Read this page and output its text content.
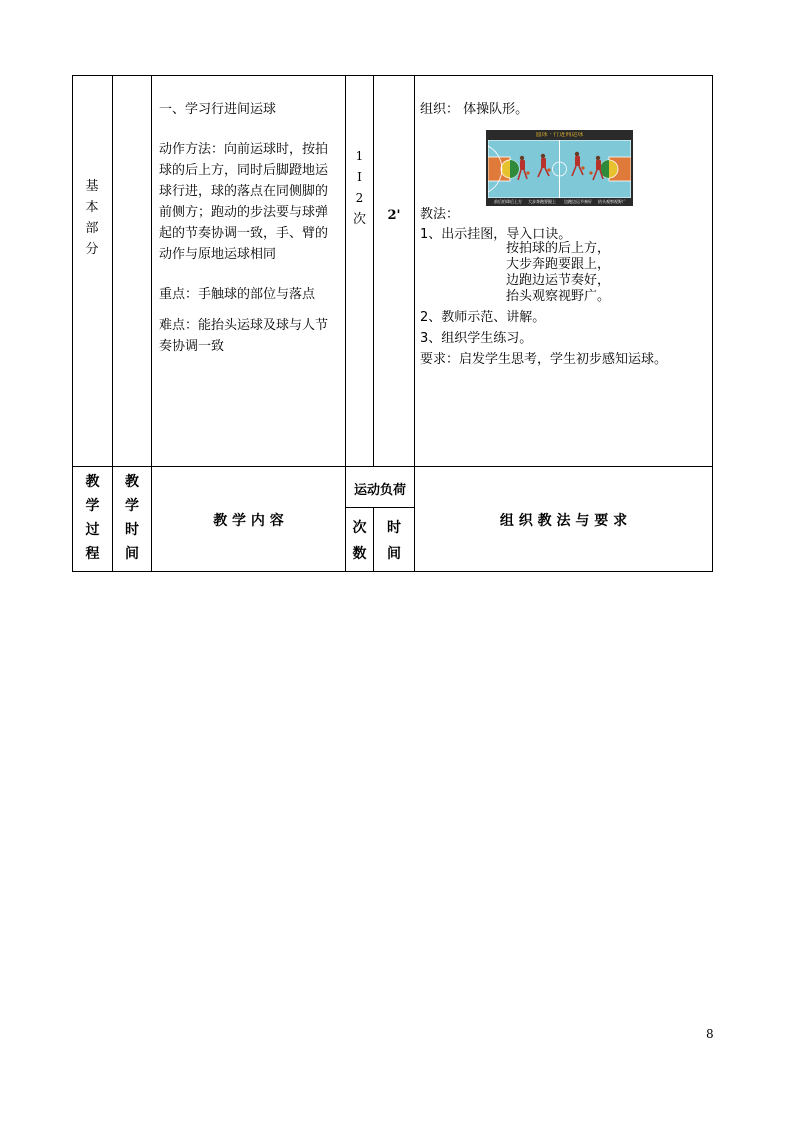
基
本
部
分
一、学习行进间运球
动作方法：向前运球时，按拍球的后上方，同时后脚蹬地运球行进，球的落点在同侧脚的前侧方；跑动的步法要与球弹起的节奏协调一致，手、臂的动作与原地运球相同
重点：手触球的部位与落点
难点：能抬头运球及球与人节奏协调一致
1
I
2
次	2'
组织： 体操队形。
篮球 · 行进间运球
前后拍球后上方 大步奔跑要跟上 边跑边运节奏好 抬头观察视野广
教法：
1、出示挂图，导入口诀。
按拍球的后上方，
大步奔跑要跟上，
边跑边运节奏好，
抬头观察视野广。
2、教师示范、讲解。
3、组织学生练习。
要求：启发学生思考，学生初步感知运球。
教
学
过
程
教
学
时
间
教 学 内 容
运动负荷
次
数
时
间
组 织 教 法 与 要 求
8
